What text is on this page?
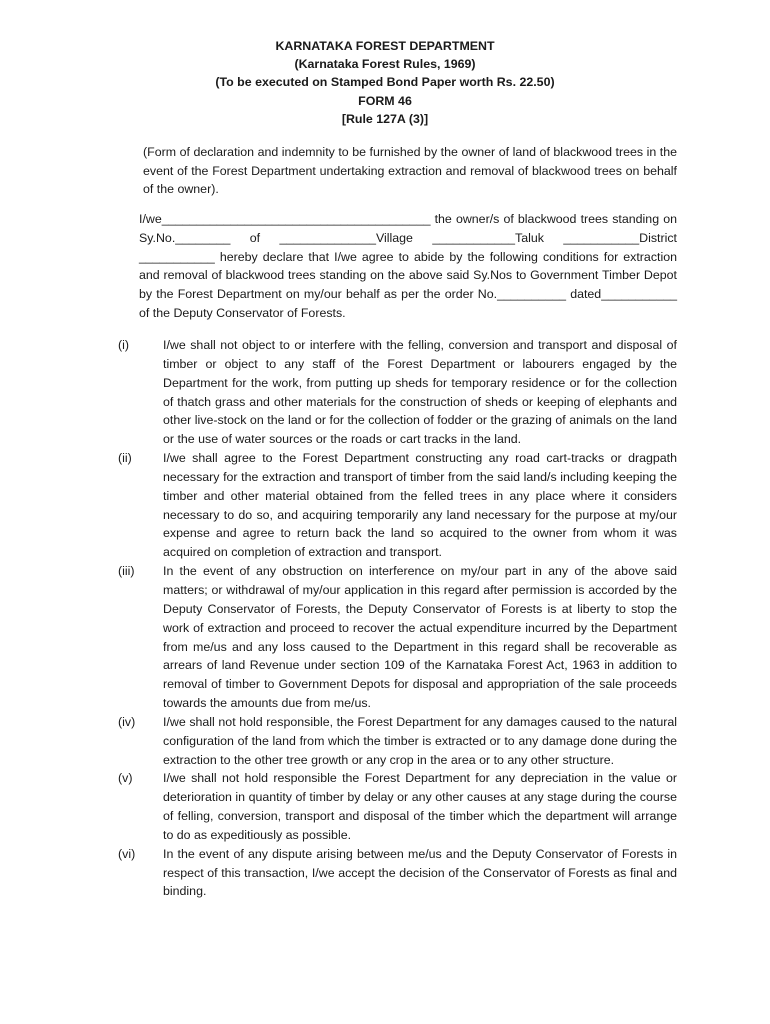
KARNATAKA FOREST DEPARTMENT
(Karnataka Forest Rules, 1969)
(To be executed on Stamped Bond Paper worth Rs. 22.50)
FORM 46
[Rule 127A (3)]
(Form of declaration and indemnity to be furnished by the owner of land of blackwood trees in the event of the Forest Department undertaking extraction and removal of blackwood trees on behalf of the owner).
I/we_______________________________________ the owner/s of blackwood trees standing on Sy.No.________ of ______________Village ____________Taluk ___________District ___________ hereby declare that I/we agree to abide by the following conditions for extraction and removal of blackwood trees standing on the above said Sy.Nos to Government Timber Depot by the Forest Department on my/our behalf as per the order No.__________ dated___________ of the Deputy Conservator of Forests.
(i)	I/we shall not object to or interfere with the felling, conversion and transport and disposal of timber or object to any staff of the Forest Department or labourers engaged by the Department for the work, from putting up sheds for temporary residence or for the collection of thatch grass and other materials for the construction of sheds or keeping of elephants and other live-stock on the land or for the collection of fodder or the grazing of animals on the land or the use of water sources or the roads or cart tracks in the land.
(ii)	I/we shall agree to the Forest Department constructing any road cart-tracks or dragpath necessary for the extraction and transport of timber from the said land/s including keeping the timber and other material obtained from the felled trees in any place where it considers necessary to do so, and acquiring temporarily any land necessary for the purpose at my/our expense and agree to return back the land so acquired to the owner from whom it was acquired on completion of extraction and transport.
(iii) In the event of any obstruction on interference on my/our part in any of the above said matters; or withdrawal of my/our application in this regard after permission is accorded by the Deputy Conservator of Forests, the Deputy Conservator of Forests is at liberty to stop the work of extraction and proceed to recover the actual expenditure incurred by the Department from me/us and any loss caused to the Department in this regard shall be recoverable as arrears of land Revenue under section 109 of the Karnataka Forest Act, 1963 in addition to removal of timber to Government Depots for disposal and appropriation of the sale proceeds towards the amounts due from me/us.
(iv) I/we shall not hold responsible, the Forest Department for any damages caused to the natural configuration of the land from which the timber is extracted or to any damage done during the extraction to the other tree growth or any crop in the area or to any other structure.
(v) I/we shall not hold responsible the Forest Department for any depreciation in the value or deterioration in quantity of timber by delay or any other causes at any stage during the course of felling, conversion, transport and disposal of the timber which the department will arrange to do as expeditiously as possible.
(vi) In the event of any dispute arising between me/us and the Deputy Conservator of Forests in respect of this transaction, I/we accept the decision of the Conservator of Forests as final and binding.
